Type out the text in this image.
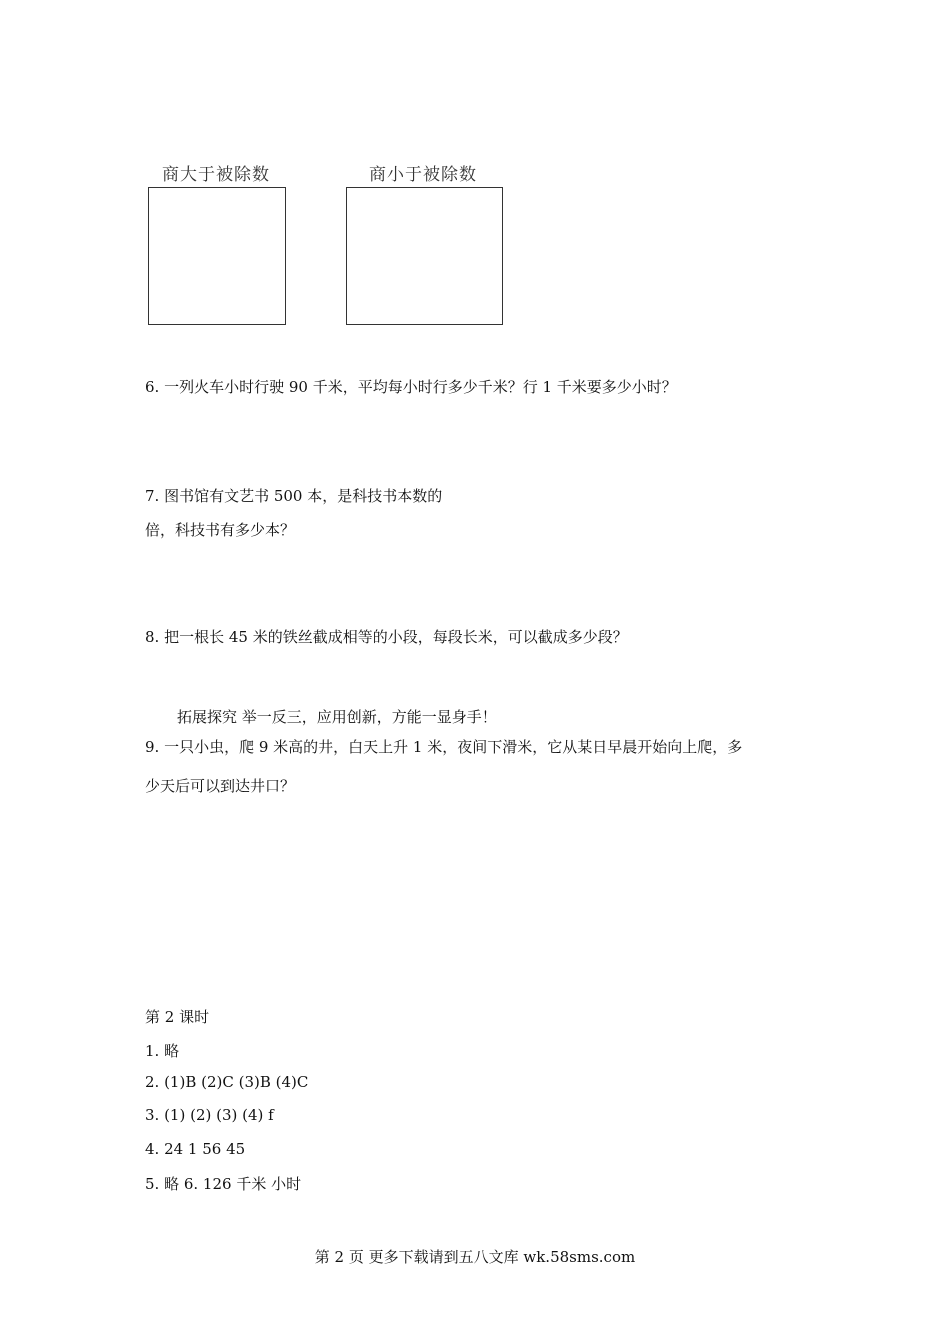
商大于被除数	商小于被除数
6. 一列火车小时行驶 90 千米，平均每小时行多少千米？行 1 千米要多少小时？
7. 图书馆有文艺书 500 本，是科技书本数的
倍，科技书有多少本？
8. 把一根长 45 米的铁丝截成相等的小段，每段长米，可以截成多少段？
拓展探究 举一反三，应用创新，方能一显身手！
9. 一只小虫，爬 9 米高的井，白天上升 1 米，夜间下滑米，它从某日早晨开始向上爬，多
少天后可以到达井口？
第 2 课时
1. 略
2. (1)B (2)C (3)B (4)C
3. (1) (2) (3) (4) f
4. 24 1 56 45
5. 略 6. 126 千米 小时
第 2 页 更多下载请到五八文库 wk.58sms.com
